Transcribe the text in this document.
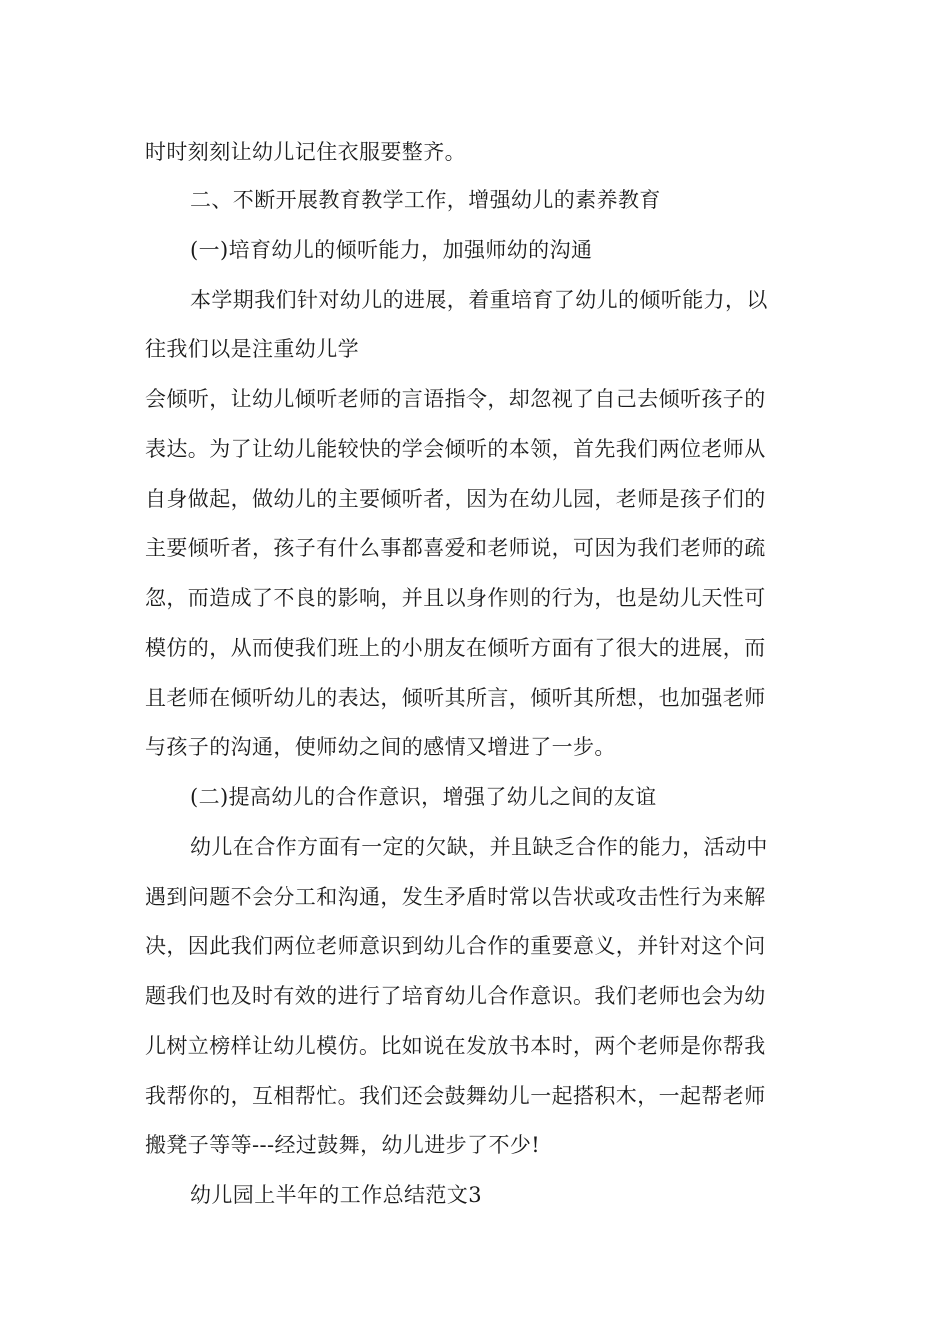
时时刻刻让幼儿记住衣服要整齐。
二、不断开展教育教学工作，增强幼儿的素养教育
(一)培育幼儿的倾听能力，加强师幼的沟通
本学期我们针对幼儿的进展，着重培育了幼儿的倾听能力，以
往我们以是注重幼儿学
会倾听，让幼儿倾听老师的言语指令，却忽视了自己去倾听孩子的
表达。为了让幼儿能较快的学会倾听的本领，首先我们两位老师从
自身做起，做幼儿的主要倾听者，因为在幼儿园，老师是孩子们的
主要倾听者，孩子有什么事都喜爱和老师说，可因为我们老师的疏
忽，而造成了不良的影响，并且以身作则的行为，也是幼儿天性可
模仿的，从而使我们班上的小朋友在倾听方面有了很大的进展，而
且老师在倾听幼儿的表达，倾听其所言，倾听其所想，也加强老师
与孩子的沟通，使师幼之间的感情又增进了一步。
(二)提高幼儿的合作意识，增强了幼儿之间的友谊
幼儿在合作方面有一定的欠缺，并且缺乏合作的能力，活动中
遇到问题不会分工和沟通，发生矛盾时常以告状或攻击性行为来解
决，因此我们两位老师意识到幼儿合作的重要意义，并针对这个问
题我们也及时有效的进行了培育幼儿合作意识。我们老师也会为幼
儿树立榜样让幼儿模仿。比如说在发放书本时，两个老师是你帮我
我帮你的，互相帮忙。我们还会鼓舞幼儿一起搭积木，一起帮老师
搬凳子等等---经过鼓舞，幼儿进步了不少!
幼儿园上半年的工作总结范文3
